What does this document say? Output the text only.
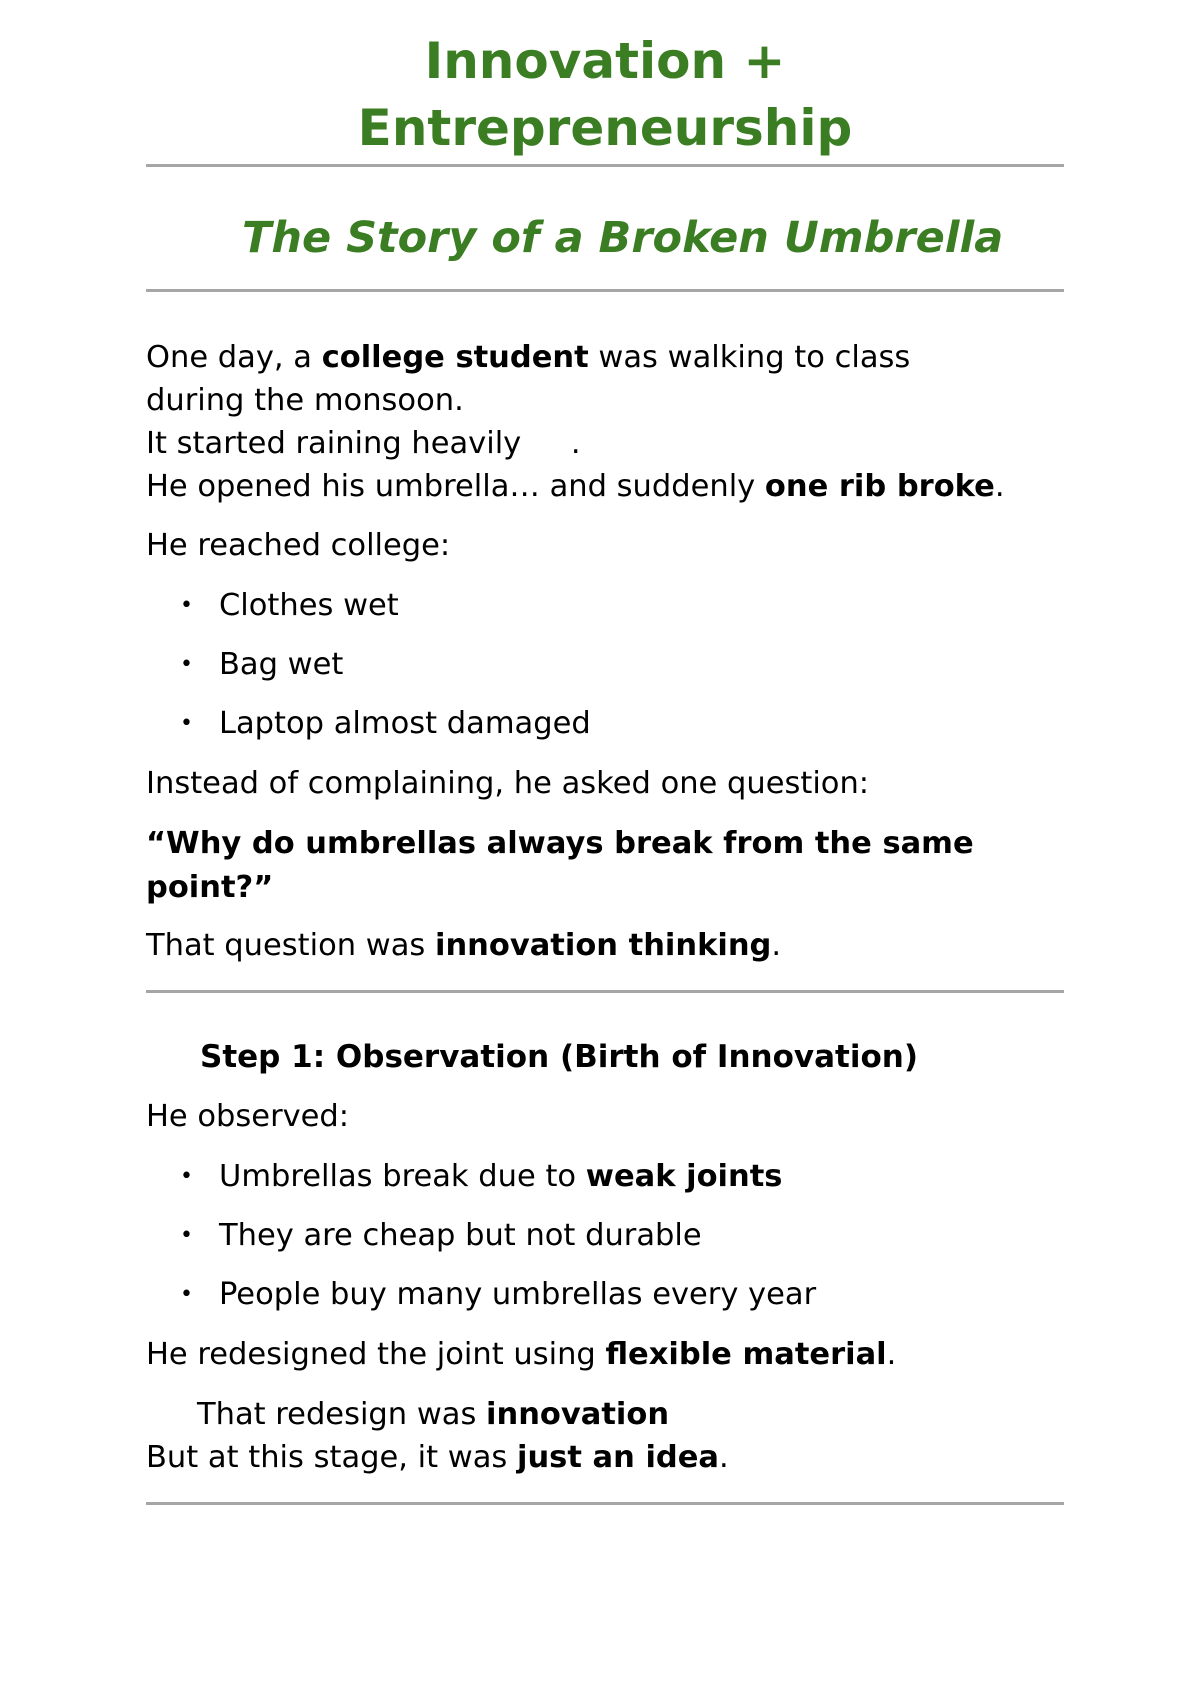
Innovation +
Entrepreneurship
The Story of a Broken Umbrella

One day, a college student was walking to class

during the monsoon.

It started raining heavily .

He opened his umbrella… and suddenly one rib broke.

He reached college:

• Clothes wet
• Bag wet
• Laptop almost damaged

Instead of complaining, he asked one question:

“Why do umbrellas always break from the same point?”

That question was innovation thinking.

Step 1: Observation (Birth of Innovation)

He observed:

• Umbrellas break due to weak joints
• They are cheap but not durable
• People buy many umbrellas every year

He redesigned the joint using flexible material.

That redesign was innovation

But at this stage, it was just an idea.
